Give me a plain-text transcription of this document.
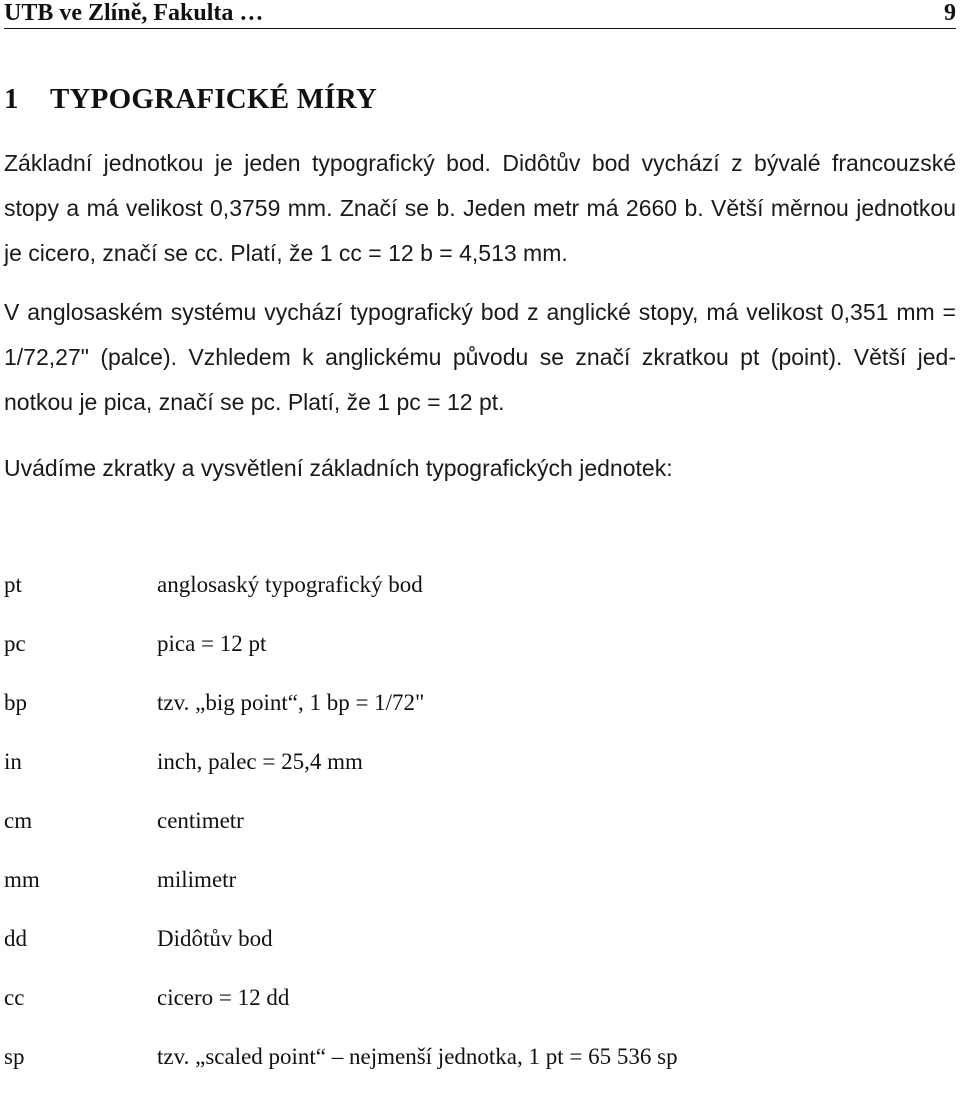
UTB ve Zlíně, Fakulta …	9
1 TYPOGRAFICKÉ MÍRY

Základní jednotkou je jeden typografický bod. Didôtův bod vychází z bývalé francouzské
stopy a má velikost 0,3759 mm. Značí se b. Jeden metr má 2660 b. Větší měrnou jednotkou
je cicero, značí se cc. Platí, že 1 cc = 12 b = 4,513 mm.

V anglosaském systému vychází typografický bod z anglické stopy, má velikost 0,351 mm =
1/72,27" (palce). Vzhledem k anglickému původu se značí zkratkou pt (point). Větší jed-
notkou je pica, značí se pc. Platí, že 1 pc = 12 pt.

Uvádíme zkratky a vysvětlení základních typografických jednotek:

pt	anglosaský typografický bod
pc	pica = 12 pt
bp	tzv. „big point“, 1 bp = 1/72"
in	inch, palec = 25,4 mm
cm	centimetr
mm	milimetr
dd	Didôtův bod
cc	cicero = 12 dd
sp	tzv. „scaled point“ – nejmenší jednotka, 1 pt = 65 536 sp
